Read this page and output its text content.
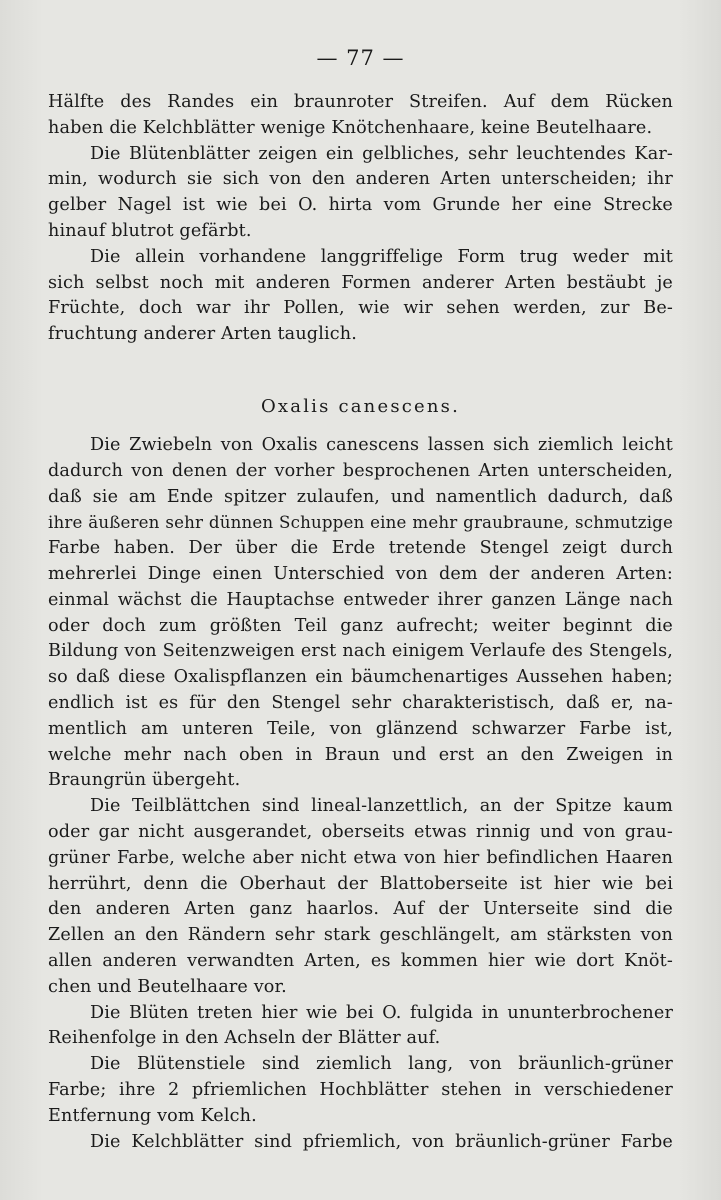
— 77 —
Hälfte des Randes ein braunroter Streifen. Auf dem Rücken
haben die Kelchblätter wenige Knötchenhaare, keine Beutelhaare.
Die Blütenblätter zeigen ein gelbliches, sehr leuchtendes Kar-
min, wodurch sie sich von den anderen Arten unterscheiden; ihr
gelber Nagel ist wie bei O. hirta vom Grunde her eine Strecke
hinauf blutrot gefärbt.
Die allein vorhandene langgriffelige Form trug weder mit
sich selbst noch mit anderen Formen anderer Arten bestäubt je
Früchte, doch war ihr Pollen, wie wir sehen werden, zur Be-
fruchtung anderer Arten tauglich.
Oxalis canescens.
Die Zwiebeln von Oxalis canescens lassen sich ziemlich leicht
dadurch von denen der vorher besprochenen Arten unterscheiden,
daß sie am Ende spitzer zulaufen, und namentlich dadurch, daß
ihre äußeren sehr dünnen Schuppen eine mehr graubraune, schmutzige
Farbe haben. Der über die Erde tretende Stengel zeigt durch
mehrerlei Dinge einen Unterschied von dem der anderen Arten:
einmal wächst die Hauptachse entweder ihrer ganzen Länge nach
oder doch zum größten Teil ganz aufrecht; weiter beginnt die
Bildung von Seitenzweigen erst nach einigem Verlaufe des Stengels,
so daß diese Oxalispflanzen ein bäumchenartiges Aussehen haben;
endlich ist es für den Stengel sehr charakteristisch, daß er, na-
mentlich am unteren Teile, von glänzend schwarzer Farbe ist,
welche mehr nach oben in Braun und erst an den Zweigen in
Braungrün übergeht.
Die Teilblättchen sind lineal-lanzettlich, an der Spitze kaum
oder gar nicht ausgerandet, oberseits etwas rinnig und von grau-
grüner Farbe, welche aber nicht etwa von hier befindlichen Haaren
herrührt, denn die Oberhaut der Blattoberseite ist hier wie bei
den anderen Arten ganz haarlos. Auf der Unterseite sind die
Zellen an den Rändern sehr stark geschlängelt, am stärksten von
allen anderen verwandten Arten, es kommen hier wie dort Knöt-
chen und Beutelhaare vor.
Die Blüten treten hier wie bei O. fulgida in ununterbrochener
Reihenfolge in den Achseln der Blätter auf.
Die Blütenstiele sind ziemlich lang, von bräunlich-grüner
Farbe; ihre 2 pfriemlichen Hochblätter stehen in verschiedener
Entfernung vom Kelch.
Die Kelchblätter sind pfriemlich, von bräunlich-grüner Farbe
